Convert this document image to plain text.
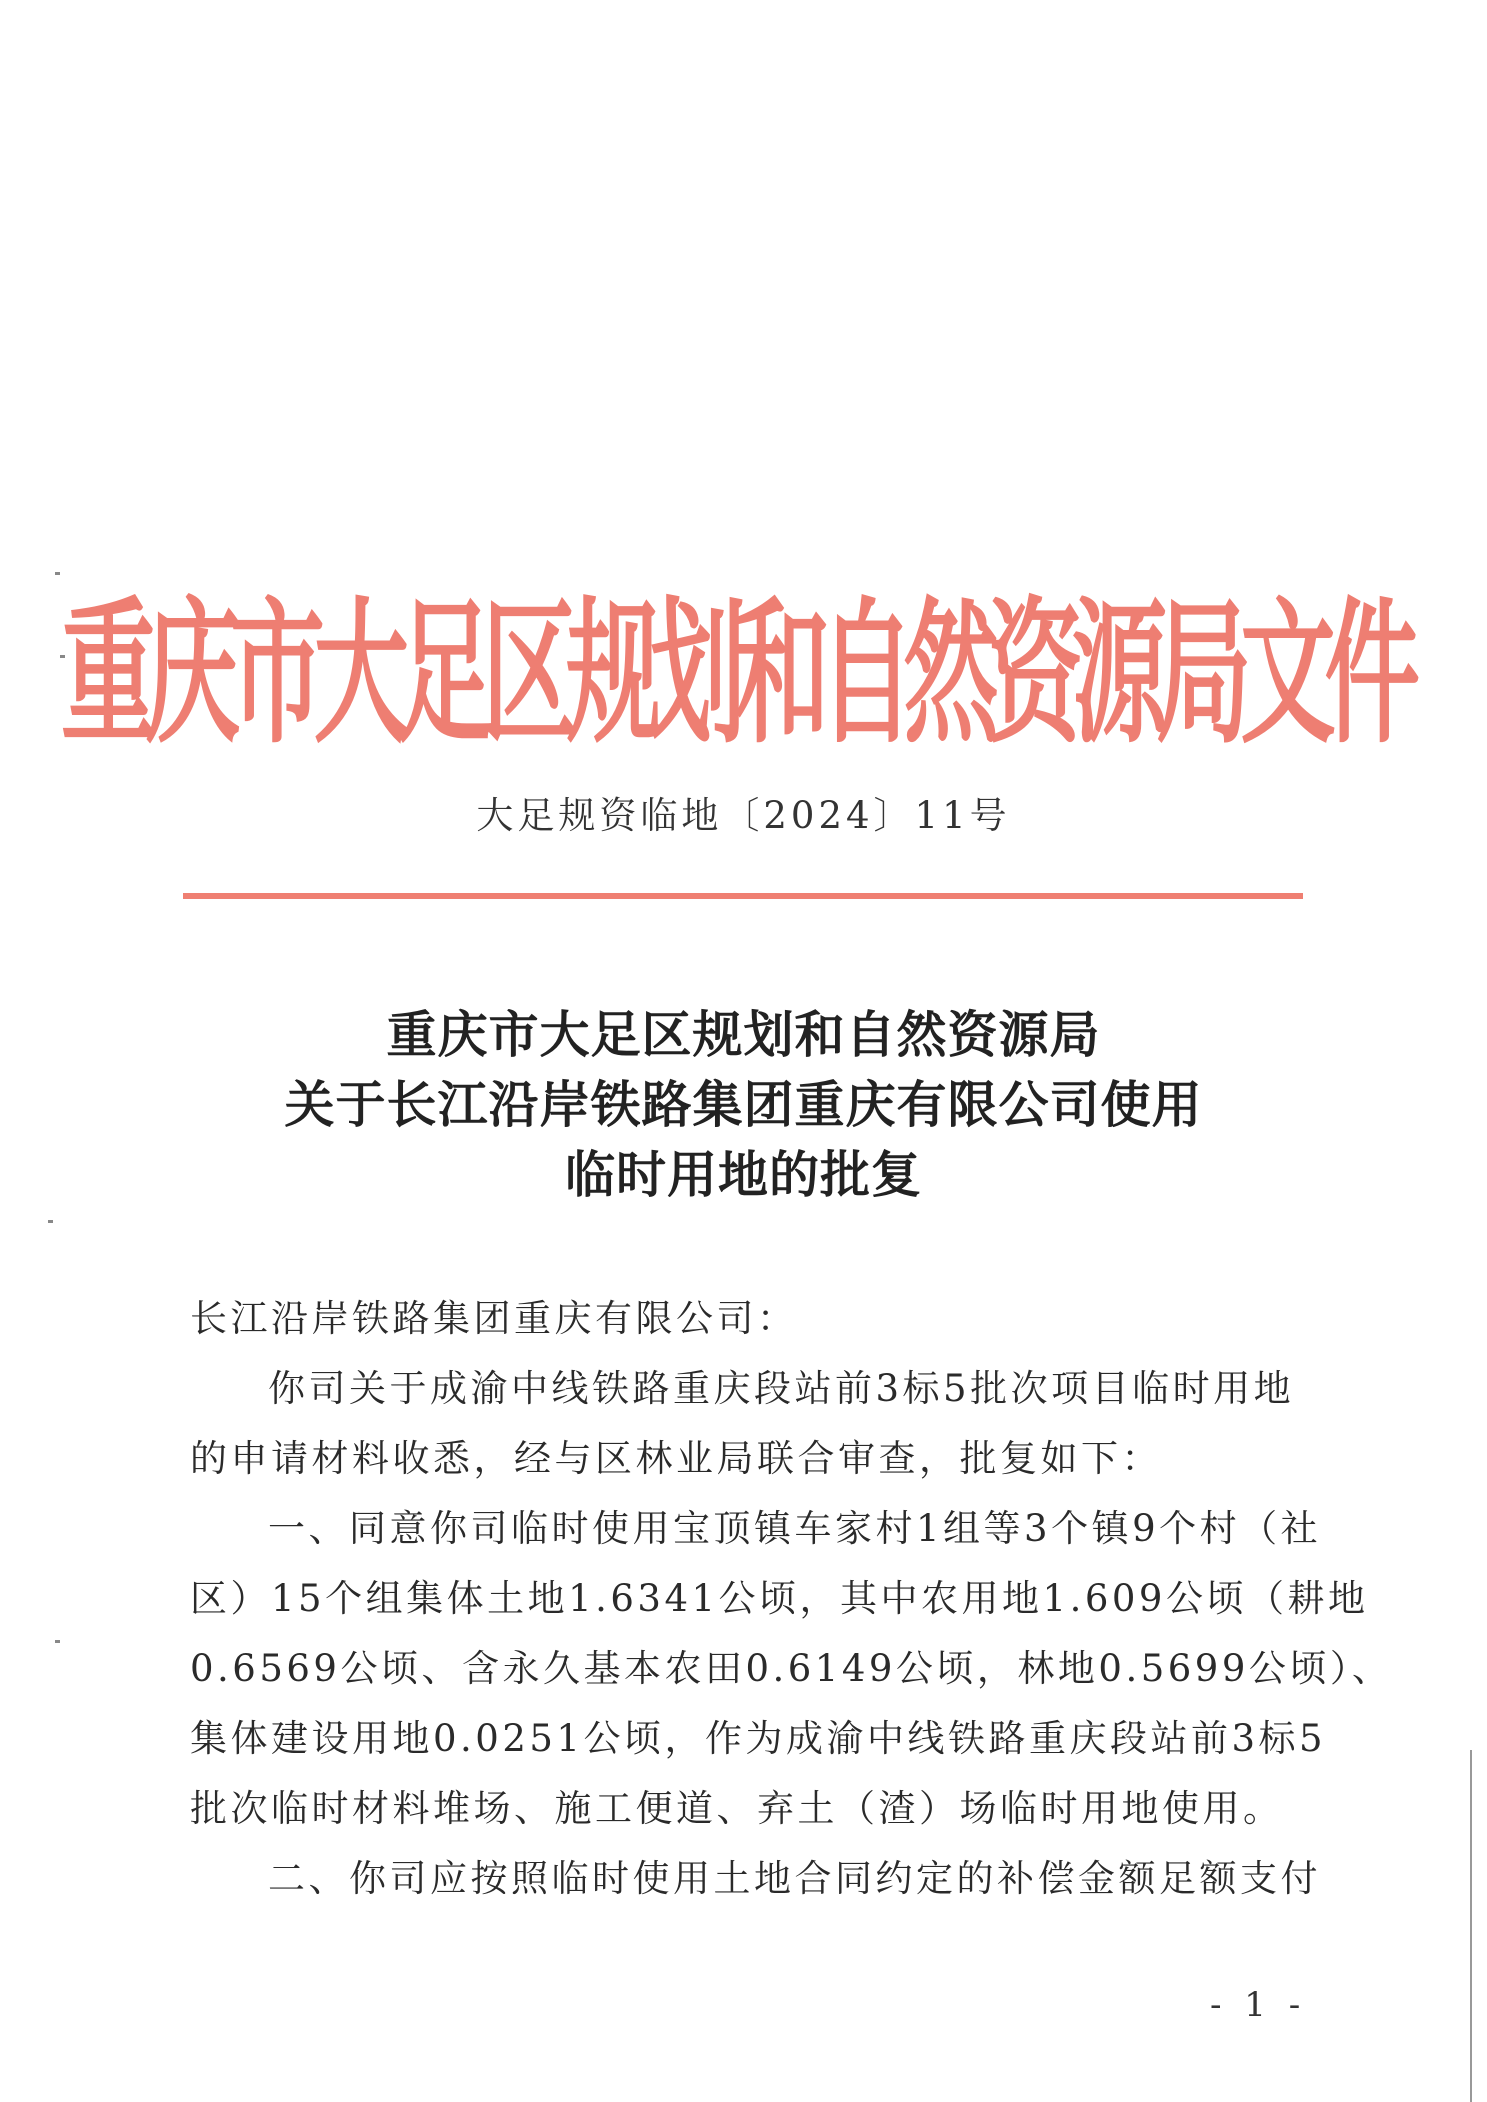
重庆市大足区规划和自然资源局文件
大足规资临地〔2024〕11号
重庆市大足区规划和自然资源局
关于长江沿岸铁路集团重庆有限公司使用
临时用地的批复
长江沿岸铁路集团重庆有限公司：
你司关于成渝中线铁路重庆段站前3标5批次项目临时用地
的申请材料收悉，经与区林业局联合审查，批复如下：
一、同意你司临时使用宝顶镇车家村1组等3个镇9个村（社
区）15个组集体土地1.6341公顷，其中农用地1.609公顷（耕地
0.6569公顷、含永久基本农田0.6149公顷，林地0.5699公顷）、
集体建设用地0.0251公顷，作为成渝中线铁路重庆段站前3标5
批次临时材料堆场、施工便道、弃土（渣）场临时用地使用。
二、你司应按照临时使用土地合同约定的补偿金额足额支付
- 1 -
